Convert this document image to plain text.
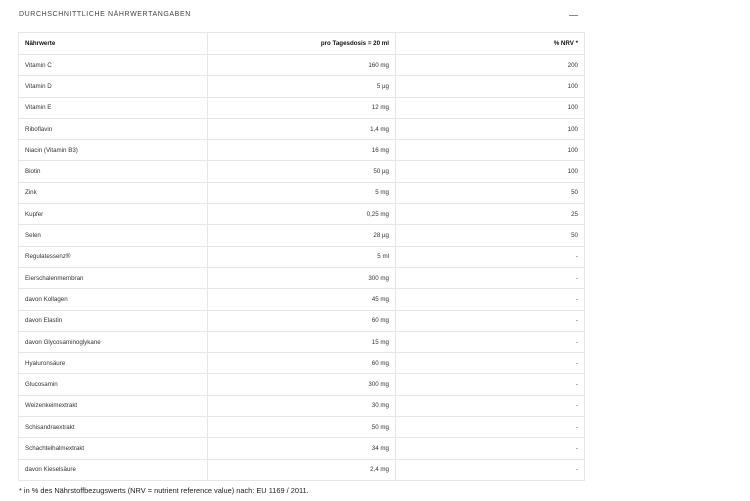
DURCHSCHNITTLICHE NÄHRWERTANGABEN
Nährwerte	pro Tagesdosis = 20 ml	% NRV *
Vitamin C	160 mg	200
Vitamin D	5 µg	100
Vitamin E	12 mg	100
Riboflavin	1,4 mg	100
Niacin (Vitamin B3)	16 mg	100
Biotin	50 µg	100
Zink	5 mg	50
Kupfer	0,25 mg	25
Selen	28 µg	50
Regulatessenz®	5 ml	-
Eierschalenmembran	300 mg	-
davon Kollagen	45 mg	-
davon Elastin	60 mg	-
davon Glycosaminoglykane	15 mg	-
Hyaluronsäure	60 mg	-
Glucosamin	300 mg	-
Weizenkeimextrakt	30 mg	-
Schisandraextrakt	50 mg	-
Schachtelhalmextrakt	34 mg	-
davon Kieselsäure	2,4 mg	-
* in % des Nährstoffbezugswerts (NRV = nutrient reference value) nach: EU 1169 / 2011.
